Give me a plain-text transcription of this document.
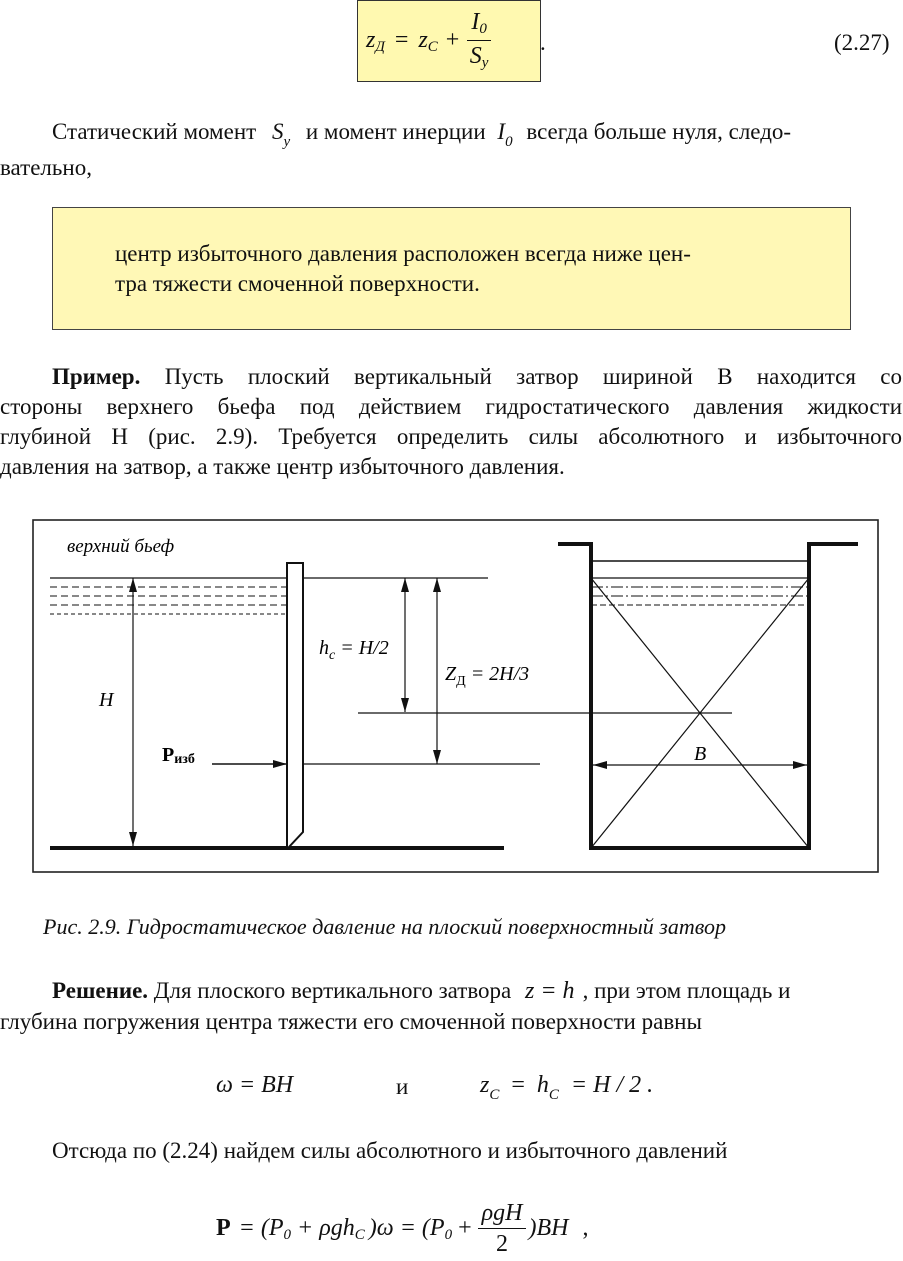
z Д = z $C + \frac{I0}{Sy}$ .	(2.27)
Статический момент $S_y$ и момент инерции $I_0$ всегда больше нуля, следо-
вательно,
центр избыточного давления расположен всегда ниже цен-
тра тяжести смоченной поверхности.
Пример. Пусть плоский вертикальный затвор шириной В находится со
стороны верхнего бьефа под действием гидростатического давления жидкости
глубиной Н (рис. 2.9). Требуется определить силы абсолютного и избыточного
давления на затвор, а также центр избыточного давления.
верхний бьеф
H
$h_c = H/2$
$Z_Д = 2H/3$
Pизб	B
Рис. 2.9. Гидростатическое давление на плоский поверхностный затвор
Решение. Для плоского вертикального затвора z = h , при этом площадь и
глубина погружения центра тяжести его смоченной поверхности равны
ω = BH	и	$z_C = h_C = H / 2$ .
Отсюда по (2.24) найдем силы абсолютного и избыточного давлений
P = (P 0 + ρgh C )ω = (P $0 + \frac{\text{ρgH}}{2} )BH$ ,
